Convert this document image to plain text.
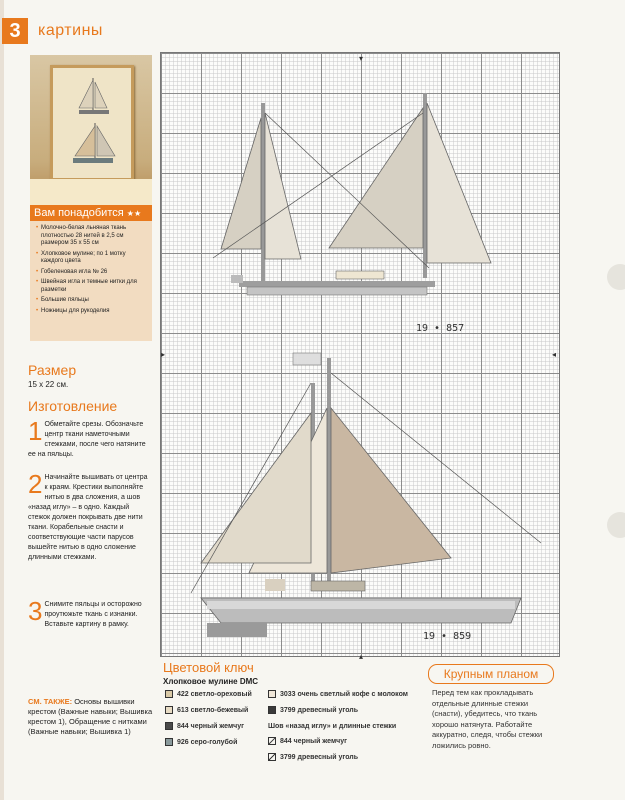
3	картины
Вам понадобится ★★
• Молочно-белая льняная ткань плотностью 28 нитей в 2,5 см размером 35 х 55 см
• Хлопковое мулине; по 1 мотку каждого цвета
• Гобеленовая игла № 26
• Швейная игла и темные нитки для разметки
• Большие пяльцы
• Ножницы для рукоделия
Размер
15 х 22 см.
Изготовление
1 Обметайте срезы. Обозначьте центр ткани наметочными стежками, после чего натяните ее на пяльцы.
2 Начинайте вышивать от центра к краям. Крестики выполняйте нитью в два сложения, а шов «назад иглу» – в одно. Каждый стежок должен покрывать две нити ткани. Корабельные снасти и соответствующие части парусов вышейте нитью в одно сложение длинными стежками.
3 Снимите пяльцы и осторожно проутюжьте ткань с изнанки. Вставьте картину в рамку.
СМ. ТАКЖЕ: Основы вышивки крестом (Важные навыки; Вышивка крестом 1), Обращение с нитками (Важные навыки; Вышивка 1)
19 • 857
19 • 859
▾
▴
▸	◂
Цветовой ключ
Хлопковое мулине DMC
422 светло-ореховый
613 светло-бежевый
844 черный жемчуг
926 серо-голубой
3033 очень светлый кофе с молоком
3799 древесный уголь
Шов «назад иглу» и длинные стежки
844 черный жемчуг
3799 древесный уголь
Крупным планом
Перед тем как прокладывать отдельные длинные стежки (снасти), убедитесь, что ткань хорошо натянута. Работайте аккуратно, следя, чтобы стежки ложились ровно.
